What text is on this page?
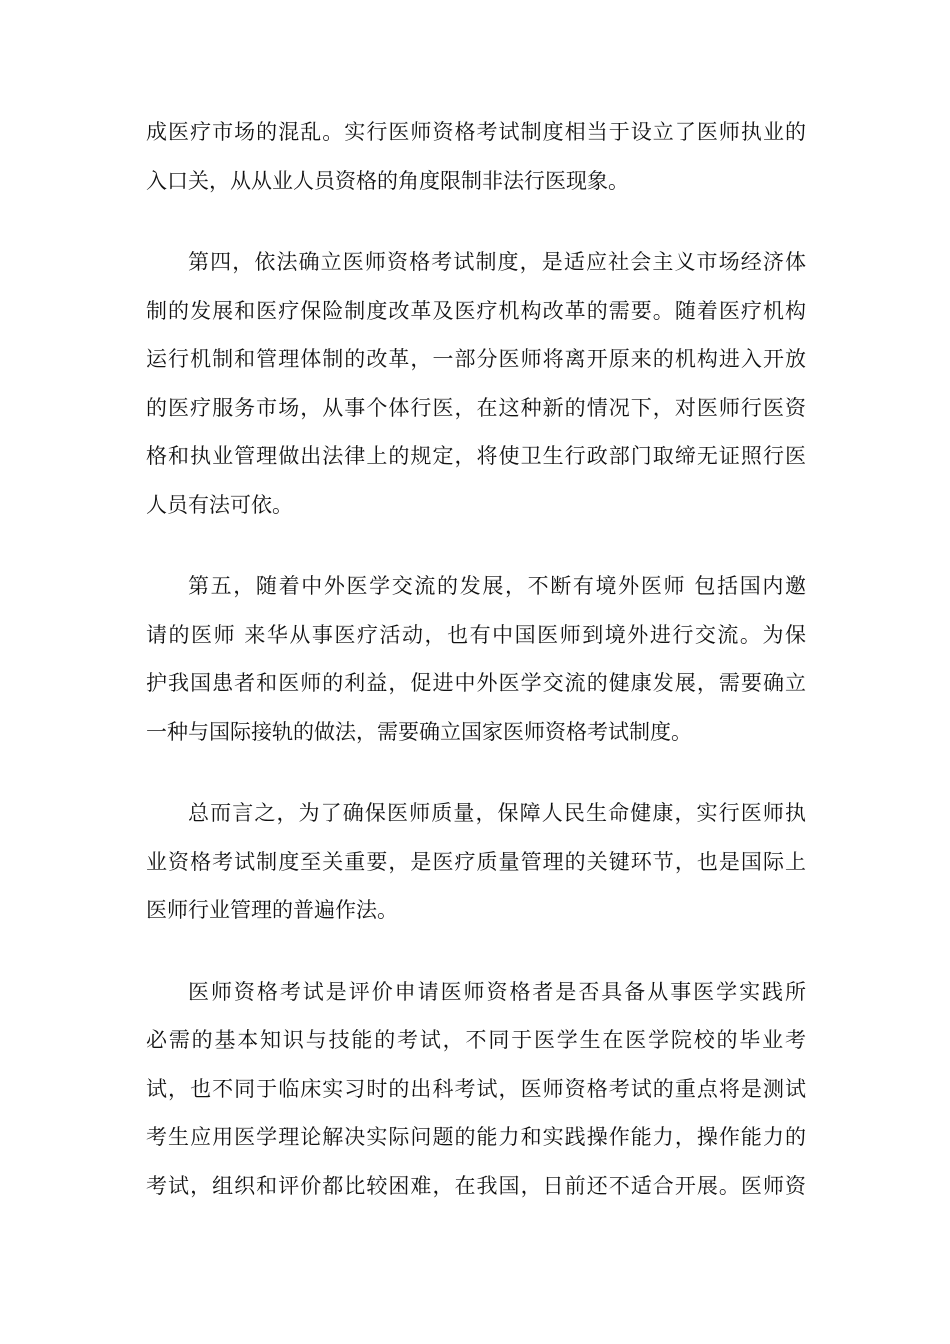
成医疗市场的混乱。实行医师资格考试制度相当于设立了医师执业的
入口关，从从业人员资格的角度限制非法行医现象。

第四，依法确立医师资格考试制度，是适应社会主义市场经济体
制的发展和医疗保险制度改革及医疗机构改革的需要。随着医疗机构
运行机制和管理体制的改革，一部分医师将离开原来的机构进入开放
的医疗服务市场，从事个体行医，在这种新的情况下，对医师行医资
格和执业管理做出法律上的规定，将使卫生行政部门取缔无证照行医
人员有法可依。

第五，随着中外医学交流的发展，不断有境外医师 包括国内邀
请的医师 来华从事医疗活动，也有中国医师到境外进行交流。为保
护我国患者和医师的利益，促进中外医学交流的健康发展，需要确立
一种与国际接轨的做法，需要确立国家医师资格考试制度。

总而言之，为了确保医师质量，保障人民生命健康，实行医师执
业资格考试制度至关重要，是医疗质量管理的关键环节，也是国际上
医师行业管理的普遍作法。

医师资格考试是评价申请医师资格者是否具备从事医学实践所
必需的基本知识与技能的考试，不同于医学生在医学院校的毕业考
试，也不同于临床实习时的出科考试，医师资格考试的重点将是测试
考生应用医学理论解决实际问题的能力和实践操作能力，操作能力的
考试，组织和评价都比较困难，在我国，日前还不适合开展。医师资
